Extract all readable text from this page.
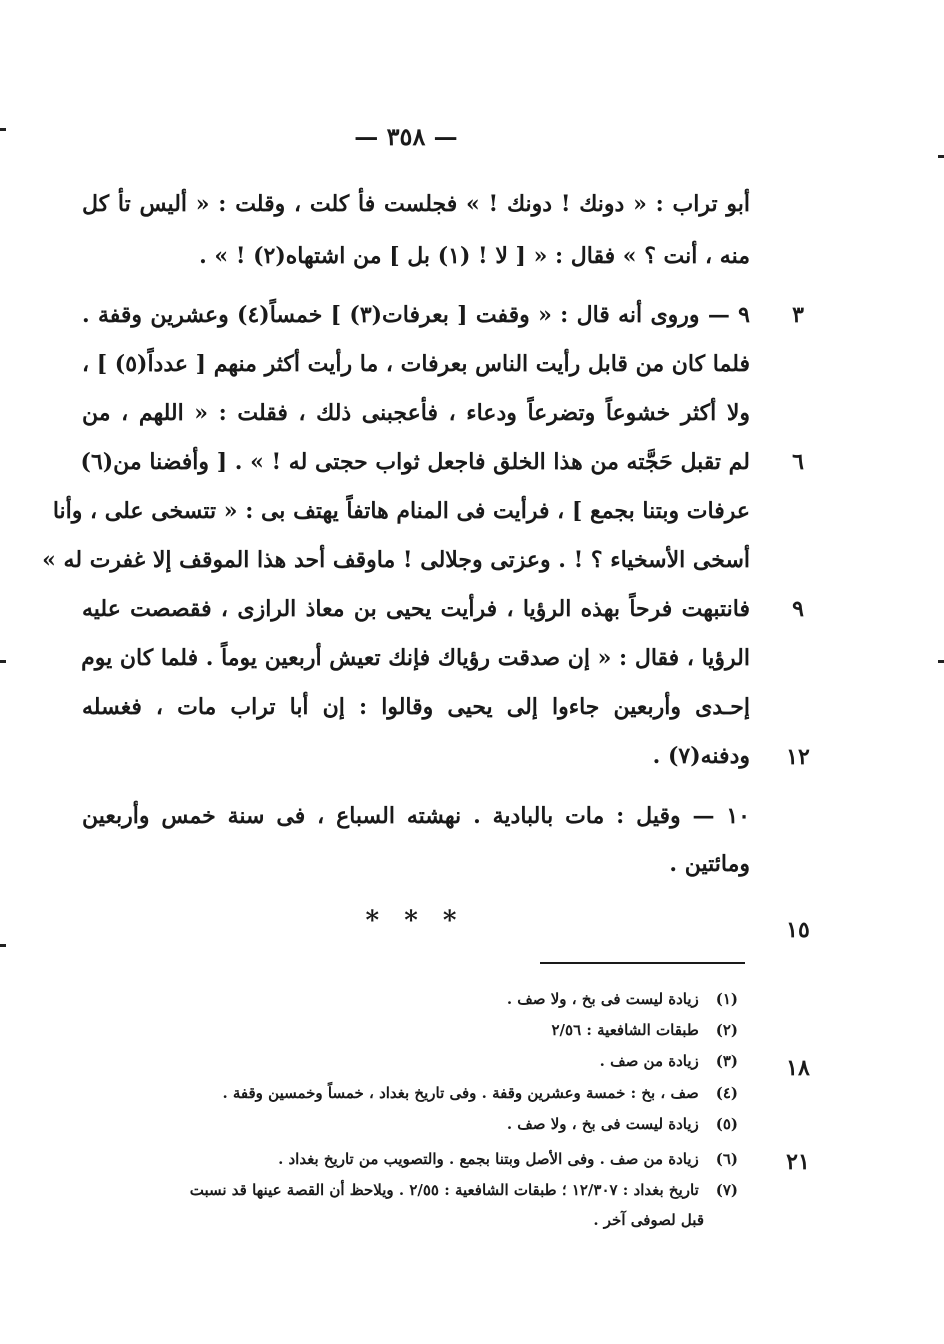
— ٣٥٨ —
أبو تراب : « دونك ! دونك ! » فجلست فأ كلت ، وقلت : « أليس تأ كل
منه ، أنت ؟ » فقال : « [ لا ! (١) بل ] من اشتهاه(٢) ! » .
٩ — وروى أنه قال : « وقفت [ بعرفات(٣) ] خمساً(٤) وعشرين وقفة .
فلما كان من قابل رأيت الناس بعرفات ، ما رأيت أكثر منهم [ عدداً(٥) ] ،
ولا أكثر خشوعاً وتضرعاً ودعاء ، فأعجبنى ذلك ، فقلت : « اللهم ، من
لم تقبل حَجَّته من هذا الخلق فاجعل ثواب حجتى له ! » . [ وأفضنا من(٦)
عرفات وبتنا بجمع ] ، فرأيت فى المنام هاتفاً يهتف بى : « تتسخى على ، وأنا
أسخى الأسخياء ؟ ! . وعزتى وجلالى ! ماوقف أحد هذا الموقف إلا غفرت له »
فانتبهت فرحاً بهذه الرؤيا ، فرأيت يحيى بن معاذ الرازى ، فقصصت عليه
الرؤيا ، فقال : « إن صدقت رؤياك فإنك تعيش أربعين يوماً . فلما كان يوم
إحـدى وأربعين جاءوا إلى يحيى وقالوا : إن أبا تراب مات ، فغسله
ودفنه(٧) .
١٠ — وقيل : مات بالبادية . نهشته السباع ، فى سنة خمس وأربعين
ومائتين .
٣
٦
٩
١٢
١٥
١٨
٢١
* * *
(١) زيادة ليست فى بخ ، ولا صف .
(٢) طبقات الشافعية : ٢/٥٦
(٣) زيادة من صف .
(٤) صف ، بخ : خمسة وعشرين وقفة . وفى تاريخ بغداد ، خمساً وخمسين وقفة .
(٥) زيادة ليست فى بخ ، ولا صف .
(٦) زيادة من صف . وفى الأصل وبتنا بجمع . والتصويب من تاريخ بغداد .
(٧) تاريخ بغداد : ١٢/٣٠٧ ؛ طبقات الشافعية : ٢/٥٥ . ويلاحظ أن القصة عينها قد نسبت
قبل لصوفى آخر .
